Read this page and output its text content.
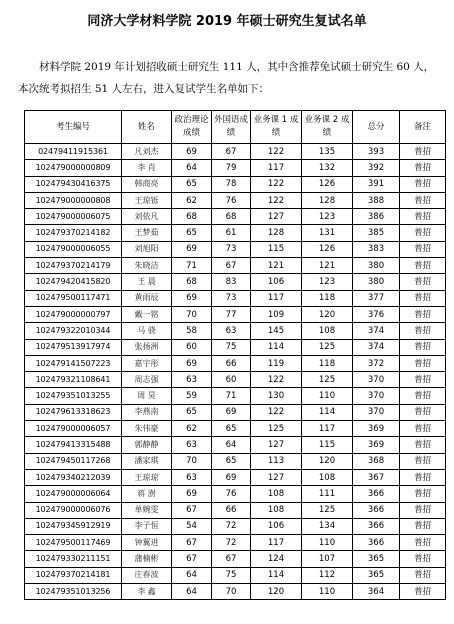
同济大学材料学院 2019 年硕士研究生复试名单
材料学院 2019 年计划招收硕士研究生 111 人，其中含推荐免试硕士研究生 60 人，本次统考拟招生 51 人左右，进入复试学生名单如下：
考生编号	姓名	政治理论成绩	外国语成绩	业务课 1 成绩	业务课 2 成绩	总分	备注
02479411915361	凡刘杰	69	67	122	135	393	普招
102479000000809	李 肖	64	79	117	132	392	普招
102479430416375	韩商亮	65	78	122	126	391	普招
102479000000808	王琼铄	62	76	122	128	388	普招
102479000006075	刘依凡	68	68	127	123	386	普招
102479370214182	王梦茹	65	61	128	131	385	普招
102479000006055	刘旭阳	69	73	115	126	383	普招
102479370214179	朱晓洁	71	67	121	121	380	普招
102479420415820	王 晨	68	83	106	123	380	普招
102479500117471	黄雨辰	69	73	117	118	377	普招
102479000000797	戴一铭	70	77	109	120	376	普招
102479322010344	马 骁	58	63	145	108	374	普招
102479513917974	张扬洲	60	75	114	125	374	普招
102479141507223	嘉宇彤	69	66	119	118	372	普招
102479321108641	周志强	63	60	122	125	370	普招
102479351013255	周 昊	59	71	130	110	370	普招
102479613318623	李燕南	65	69	122	114	370	普招
102479000006057	朱伟豪	62	65	125	117	369	普招
102479413315488	郭静静	63	64	127	115	369	普招
102479450117268	潘家琪	70	65	113	120	368	普招
102479340212039	王琼琼	63	69	127	108	367	普招
102479000006064	蒋 澍	69	76	108	111	366	普招
102479000006076	单婉雯	67	66	108	125	366	普招
102479345912919	李子恒	54	72	106	134	366	普招
102479500117469	钟翼进	67	72	117	110	366	普招
102479330211151	蒲楠彬	67	67	124	107	365	普招
102479370214181	庄春波	64	75	114	112	365	普招
102479351013256	李 鑫	64	70	120	110	364	普招
